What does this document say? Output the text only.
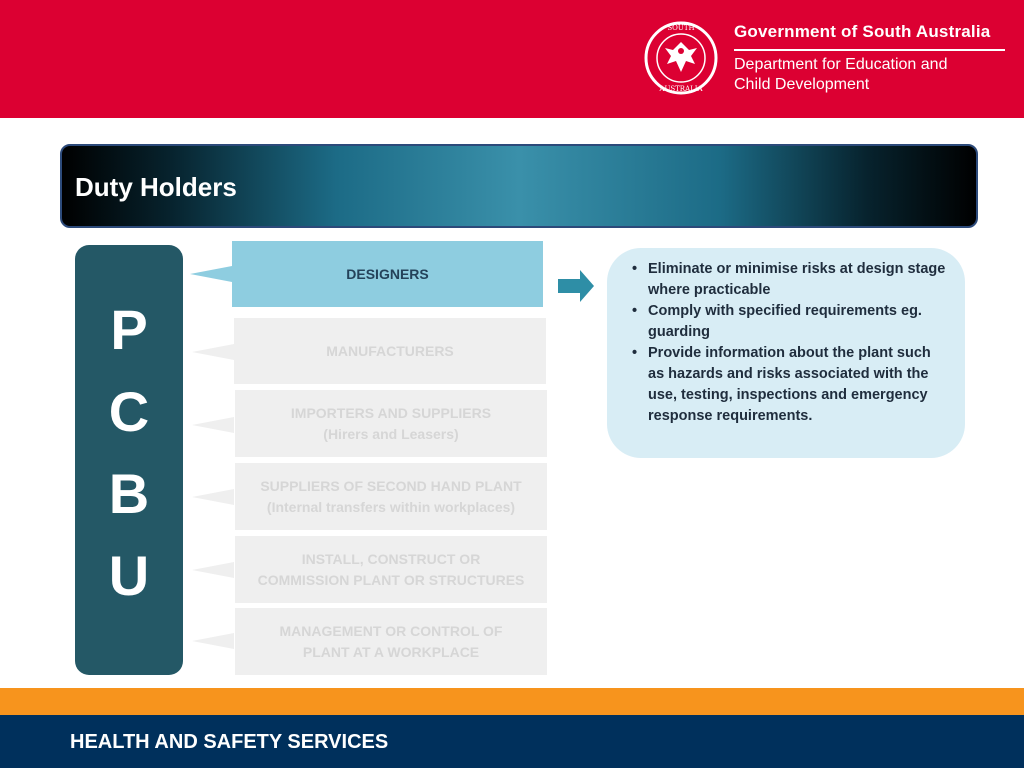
SOUTH
AUSTRALIA
Government of South Australia
Department for Education and
Child Development
Duty Holders
P
C
B
U
DESIGNERS
MANUFACTURERS
IMPORTERS AND SUPPLIERS
(Hirers and Leasers)
SUPPLIERS OF SECOND HAND PLANT
(Internal transfers within workplaces)
INSTALL, CONSTRUCT OR
COMMISSION PLANT OR STRUCTURES
MANAGEMENT OR CONTROL OF
PLANT AT A WORKPLACE
• Eliminate or minimise risks at design stage where practicable
• Comply with specified requirements eg. guarding
• Provide information about the plant such as hazards and risks associated with the use, testing, inspections and emergency response requirements.
HEALTH AND SAFETY SERVICES
